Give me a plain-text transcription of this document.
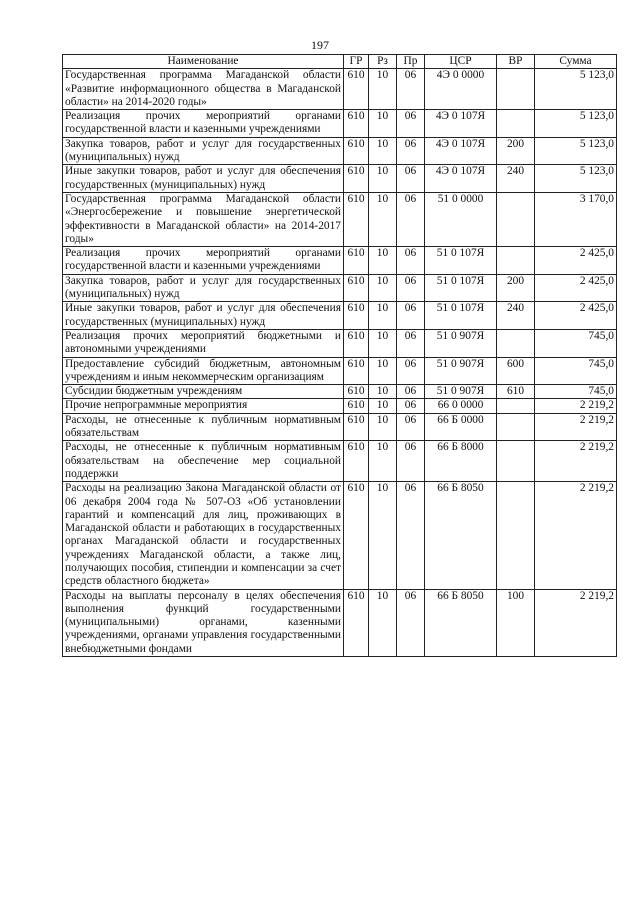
197
Наименование	ГР	Рз	Пр	ЦСР	ВР	Сумма
Государственная программа Магаданской области «Развитие информационного общества в Магаданской области» на 2014-2020 годы»	610	10	06	4Э 0 0000		5 123,0
Реализация прочих мероприятий органами государственной власти и казенными учреждениями	610	10	06	4Э 0 107Я		5 123,0
Закупка товаров, работ и услуг для государственных (муниципальных) нужд	610	10	06	4Э 0 107Я	200	5 123,0
Иные закупки товаров, работ и услуг для обеспечения государственных (муниципальных) нужд	610	10	06	4Э 0 107Я	240	5 123,0
Государственная программа Магаданской области «Энергосбережение и повышение энергетической эффективности в Магаданской области» на 2014-2017 годы»	610	10	06	51 0 0000		3 170,0
Реализация прочих мероприятий органами государственной власти и казенными учреждениями	610	10	06	51 0 107Я		2 425,0
Закупка товаров, работ и услуг для государственных (муниципальных) нужд	610	10	06	51 0 107Я	200	2 425,0
Иные закупки товаров, работ и услуг для обеспечения государственных (муниципальных) нужд	610	10	06	51 0 107Я	240	2 425,0
Реализация прочих мероприятий бюджетными и автономными учреждениями	610	10	06	51 0 907Я		745,0
Предоставление субсидий бюджетным, автономным учреждениям и иным некоммерческим организациям	610	10	06	51 0 907Я	600	745,0
Субсидии бюджетным учреждениям	610	10	06	51 0 907Я	610	745,0
Прочие непрограммные мероприятия	610	10	06	66 0 0000		2 219,2
Расходы, не отнесенные к публичным нормативным обязательствам	610	10	06	66 Б 0000		2 219,2
Расходы, не отнесенные к публичным нормативным обязательствам на обеспечение мер социальной поддержки	610	10	06	66 Б 8000		2 219,2
Расходы на реализацию Закона Магаданской области от 06 декабря 2004 года № 507-ОЗ «Об установлении гарантий и компенсаций для лиц, проживающих в Магаданской области и работающих в государственных органах Магаданской области и государственных учреждениях Магаданской области, а также лиц, получающих пособия, стипендии и компенсации за счет средств областного бюджета»	610	10	06	66 Б 8050		2 219,2
Расходы на выплаты персоналу в целях обеспечения выполнения функций государственными (муниципальными) органами, казенными учреждениями, органами управления государственными внебюджетными фондами	610	10	06	66 Б 8050	100	2 219,2
